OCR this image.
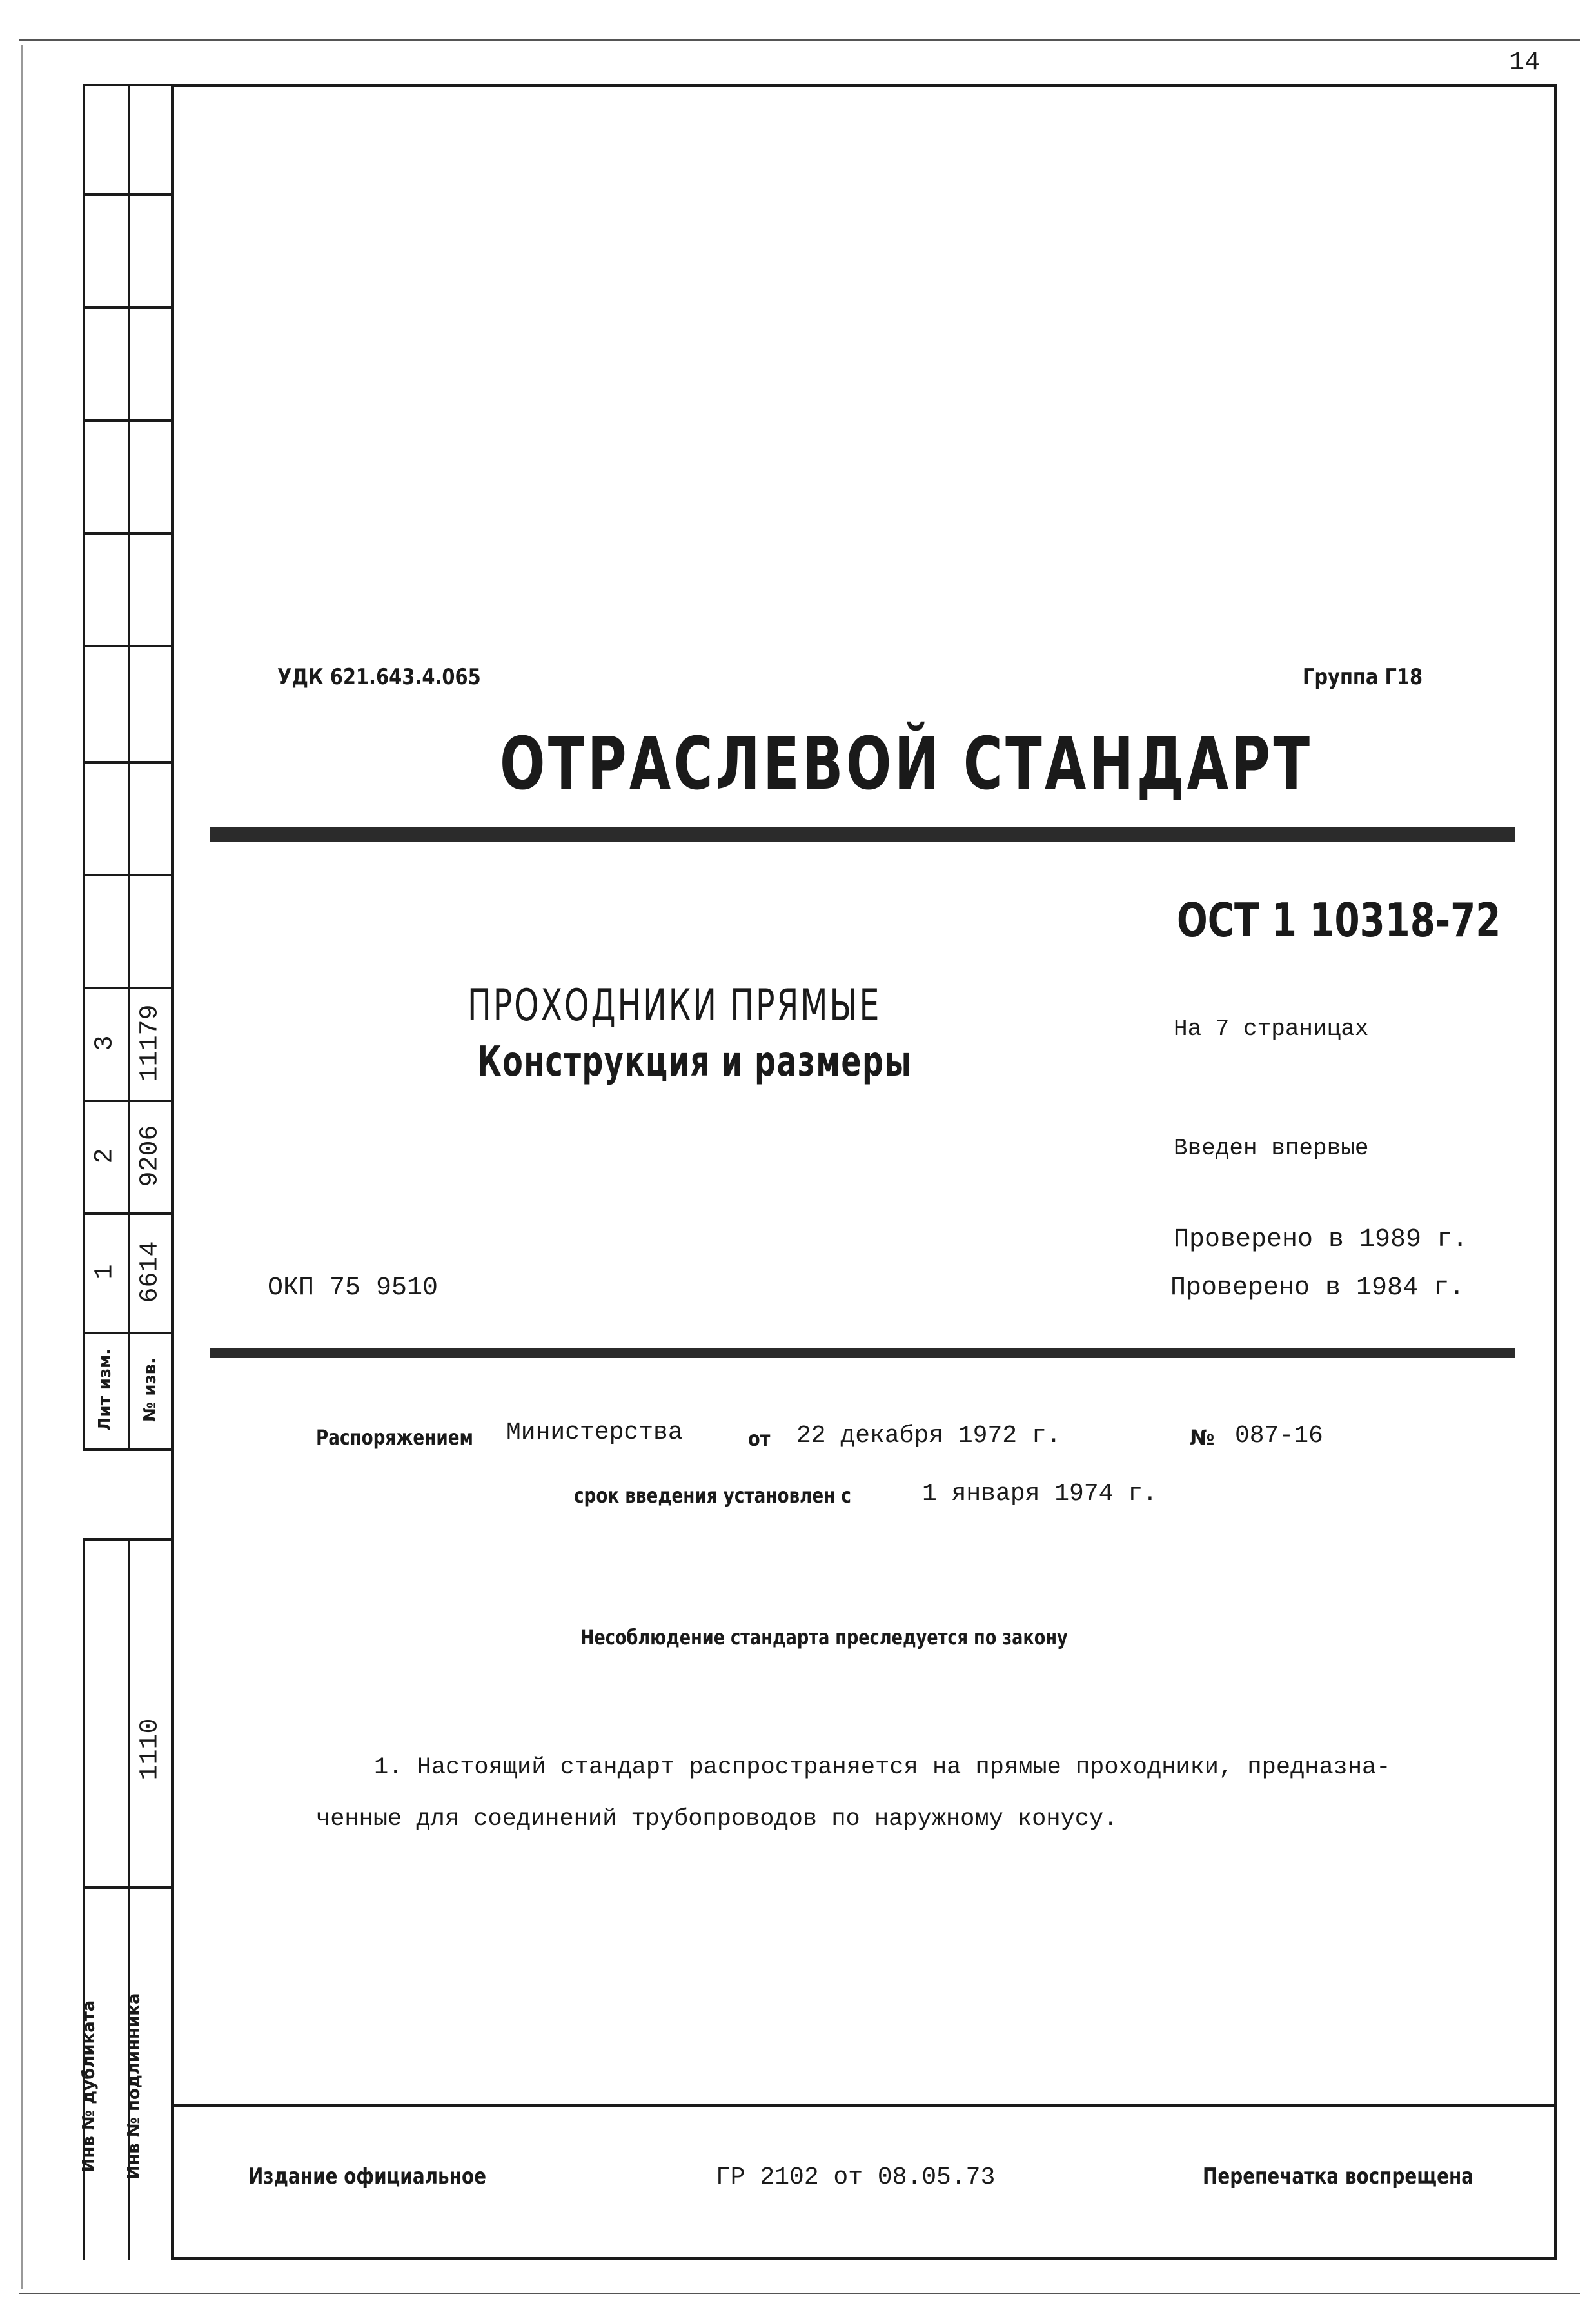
14
3 11179
2 9206
1 6614
Лит изм. № изв.
1110
Инв № дубликата Инв № подлинника
УДК 621.643.4.065	Группа Г18
ОТРАСЛЕВОЙ СТАНДАРТ
ОСТ 1 10318-72
ПРОХОДНИКИ ПРЯМЫЕ
Конструкция и размеры
На 7 страницах
Введен впервые
Проверено в 1989 г.
Проверено в 1984 г.
ОКП 75 9510
Распоряжением	Министерства	от 22 декабря 1972 г.	№ 087-16
срок введения установлен с	1 января 1974 г.
Несоблюдение стандарта преследуется по закону
1. Настоящий стандарт распространяется на прямые проходники, предназна-
ченные для соединений трубопроводов по наружному конусу.
Издание официальное	ГР 2102 от 08.05.73	Перепечатка воспрещена
